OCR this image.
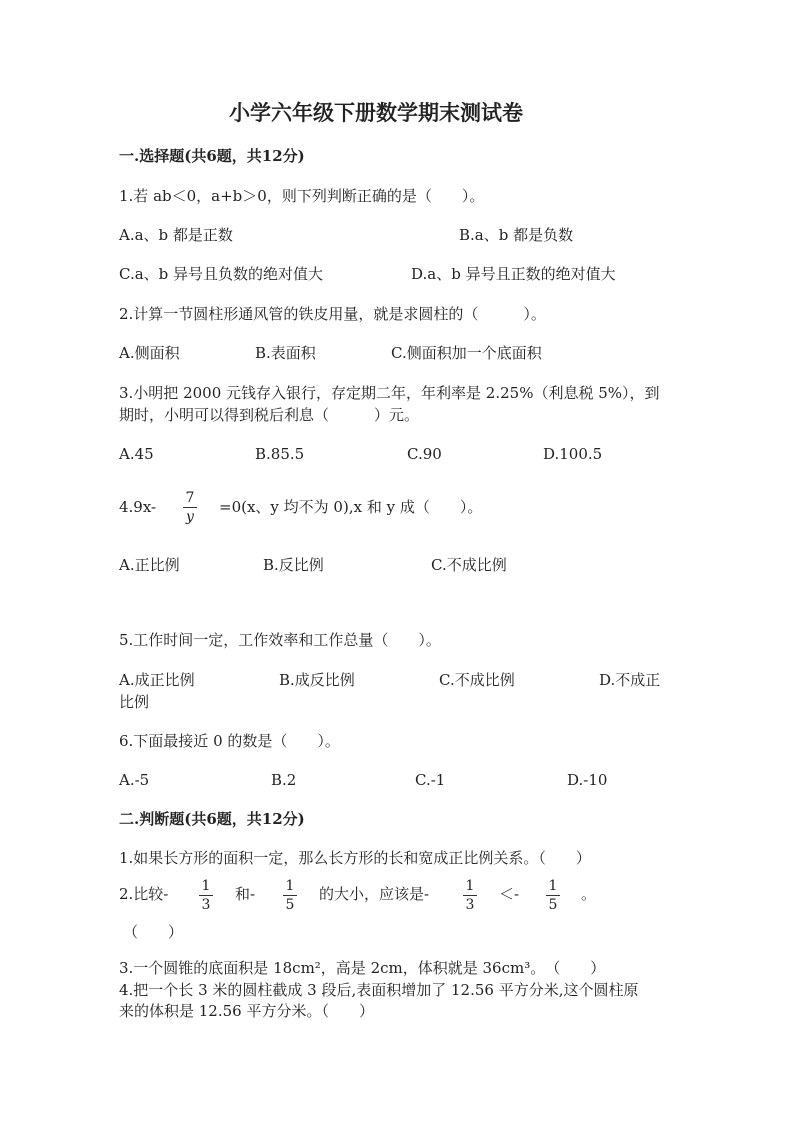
小学六年级下册数学期末测试卷
一.选择题(共6题，共12分)
1.若 ab＜0，a+b＞0，则下列判断正确的是（　　）。
A.a、b 都是正数	B.a、b 都是负数
C.a、b 异号且负数的绝对值大	D.a、b 异号且正数的绝对值大
2.计算一节圆柱形通风管的铁皮用量，就是求圆柱的（　　　）。
A.侧面积	B.表面积	C.侧面积加一个底面积
3.小明把 2000 元钱存入银行，存定期二年，年利率是 2.25%（利息税 5%），到
期时，小明可以得到税后利息（　　　）元。
A.45	B.85.5	C.90	D.100.5
4.9x- 7
y
=0(x、y 均不为 0),x 和 y 成（　　）。
A.正比例	B.反比例	C.不成比例
5.工作时间一定，工作效率和工作总量（　　）。
A.成正比例	B.成反比例	C.不成比例	D.不成正
比例
6.下面最接近 0 的数是（　　）。
A.-5	B.2	C.-1	D.-10
二.判断题(共6题，共12分)
1.如果长方形的面积一定，那么长方形的长和宽成正比例关系。（　　）
2.比较- 1
3
和- 1
5
的大小，应该是-	1
3
＜- 1
5
。
（　　）
3.一个圆锥的底面积是 18cm²，高是 2cm，体积就是 36cm³。　（　　）
4.把一个长 3 米的圆柱截成 3 段后,表面积增加了 12.56 平方分米,这个圆柱原
来的体积是 12.56 平方分米。（　　）
